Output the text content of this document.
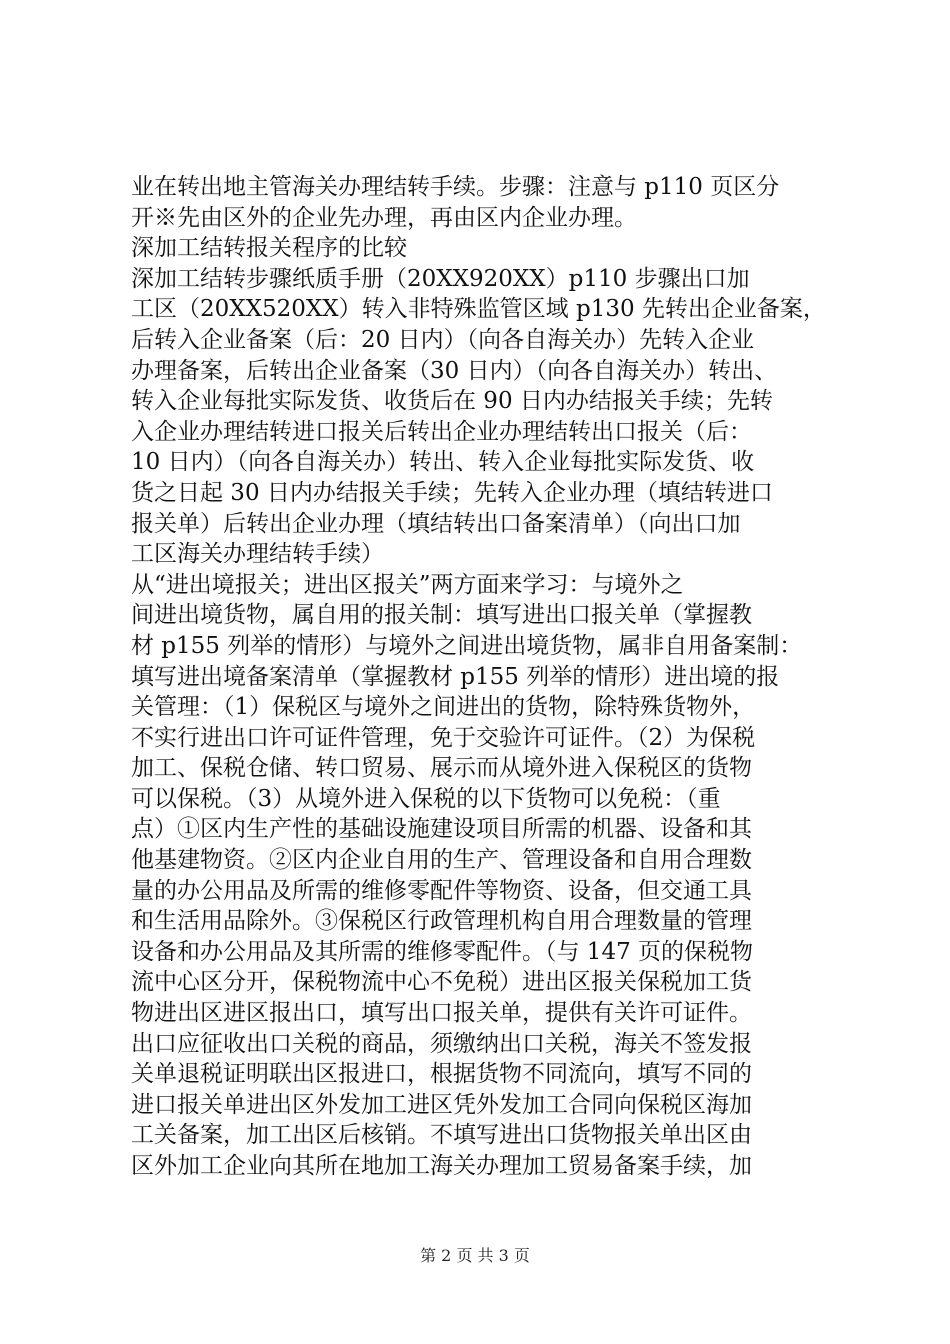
业在转出地主管海关办理结转手续。步骤：注意与 p110 页区分

开※先由区外的企业先办理，再由区内企业办理。

深加工结转报关程序的比较

深加工结转步骤纸质手册（20XX920XX）p110 步骤出口加

工区（20XX520XX）转入非特殊监管区域 p130 先转出企业备案，

后转入企业备案（后：20 日内）（向各自海关办）先转入企业

办理备案，后转出企业备案（30 日内）（向各自海关办）转出、

转入企业每批实际发货、收货后在 90 日内办结报关手续；先转

入企业办理结转进口报关后转出企业办理结转出口报关（后：

10 日内）（向各自海关办）转出、转入企业每批实际发货、收

货之日起 30 日内办结报关手续；先转入企业办理（填结转进口

报关单）后转出企业办理（填结转出口备案清单）（向出口加

工区海关办理结转手续）

从“进出境报关；进出区报关”两方面来学习：与境外之

间进出境货物，属自用的报关制：填写进出口报关单（掌握教

材 p155 列举的情形）与境外之间进出境货物，属非自用备案制：

填写进出境备案清单（掌握教材 p155 列举的情形）进出境的报

关管理：（1）保税区与境外之间进出的货物，除特殊货物外，

不实行进出口许可证件管理，免于交验许可证件。（2）为保税

加工、保税仓储、转口贸易、展示而从境外进入保税区的货物

可以保税。（3）从境外进入保税的以下货物可以免税：（重

点）①区内生产性的基础设施建设项目所需的机器、设备和其

他基建物资。②区内企业自用的生产、管理设备和自用合理数

量的办公用品及所需的维修零配件等物资、设备，但交通工具

和生活用品除外。③保税区行政管理机构自用合理数量的管理

设备和办公用品及其所需的维修零配件。（与 147 页的保税物

流中心区分开，保税物流中心不免税）进出区报关保税加工货

物进出区进区报出口，填写出口报关单，提供有关许可证件。

出口应征收出口关税的商品，须缴纳出口关税，海关不签发报

关单退税证明联出区报进口，根据货物不同流向，填写不同的

进口报关单进出区外发加工进区凭外发加工合同向保税区海加

工关备案，加工出区后核销。不填写进出口货物报关单出区由

区外加工企业向其所在地加工海关办理加工贸易备案手续，加

第 2 页 共 3 页
